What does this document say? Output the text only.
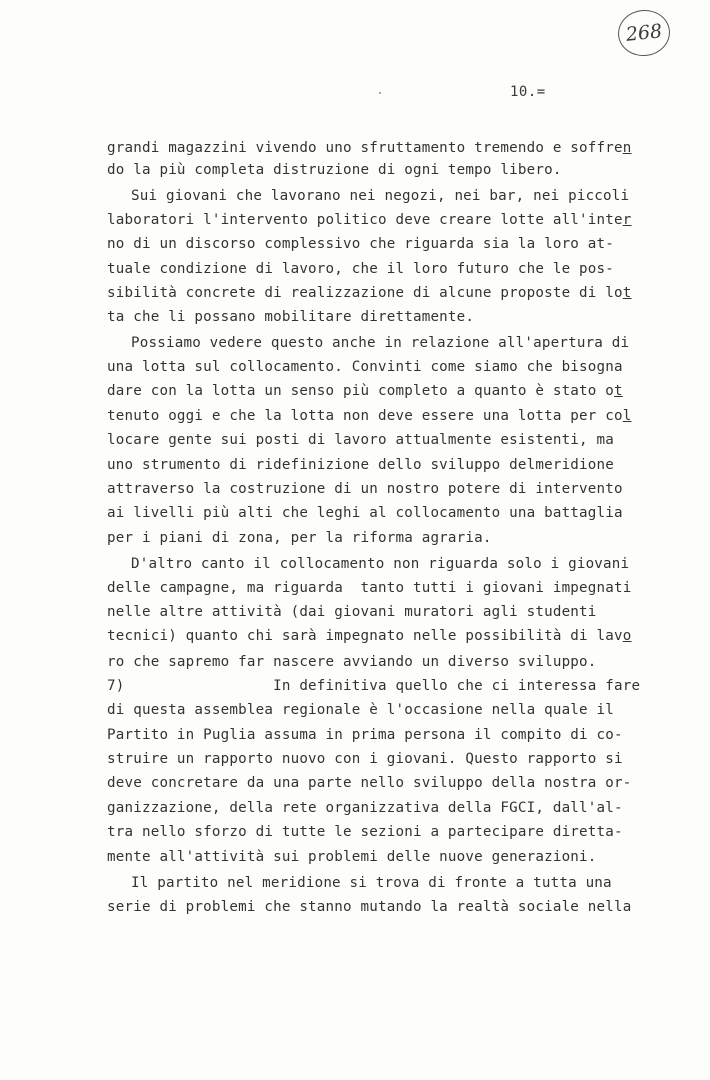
268
10.=
grandi magazzini vivendo uno sfruttamento tremendo e soffren
do la più completa distruzione di ogni tempo libero.
Sui giovani che lavorano nei negozi, nei bar, nei piccoli
laboratori l'intervento politico deve creare lotte all'inter
no di un discorso complessivo che riguarda sia la loro at-
tuale condizione di lavoro, che il loro futuro che le pos-
sibilità concrete di realizzazione di alcune proposte di lot
ta che li possano mobilitare direttamente.
Possiamo vedere questo anche in relazione all'apertura di
una lotta sul collocamento. Convinti come siamo che bisogna
dare con la lotta un senso più completo a quanto è stato ot
tenuto oggi e che la lotta non deve essere una lotta per col
locare gente sui posti di lavoro attualmente esistenti, ma
uno strumento di ridefinizione dello sviluppo delmeridione
attraverso la costruzione di un nostro potere di intervento
ai livelli più alti che leghi al collocamento una battaglia
per i piani di zona, per la riforma agraria.
D'altro canto il collocamento non riguarda solo i giovani
delle campagne, ma riguarda  tanto tutti i giovani impegnati
nelle altre attività (dai giovani muratori agli studenti
tecnici) quanto chi sarà impegnato nelle possibilità di lavo
ro che sapremo far nascere avviando un diverso sviluppo.
7)                 In definitiva quello che ci interessa fare
di questa assemblea regionale è l'occasione nella quale il
Partito in Puglia assuma in prima persona il compito di co-
struire un rapporto nuovo con i giovani. Questo rapporto si
deve concretare da una parte nello sviluppo della nostra or-
ganizzazione, della rete organizzativa della FGCI, dall'al-
tra nello sforzo di tutte le sezioni a partecipare diretta-
mente all'attività sui problemi delle nuove generazioni.
Il partito nel meridione si trova di fronte a tutta una
serie di problemi che stanno mutando la realtà sociale nella
